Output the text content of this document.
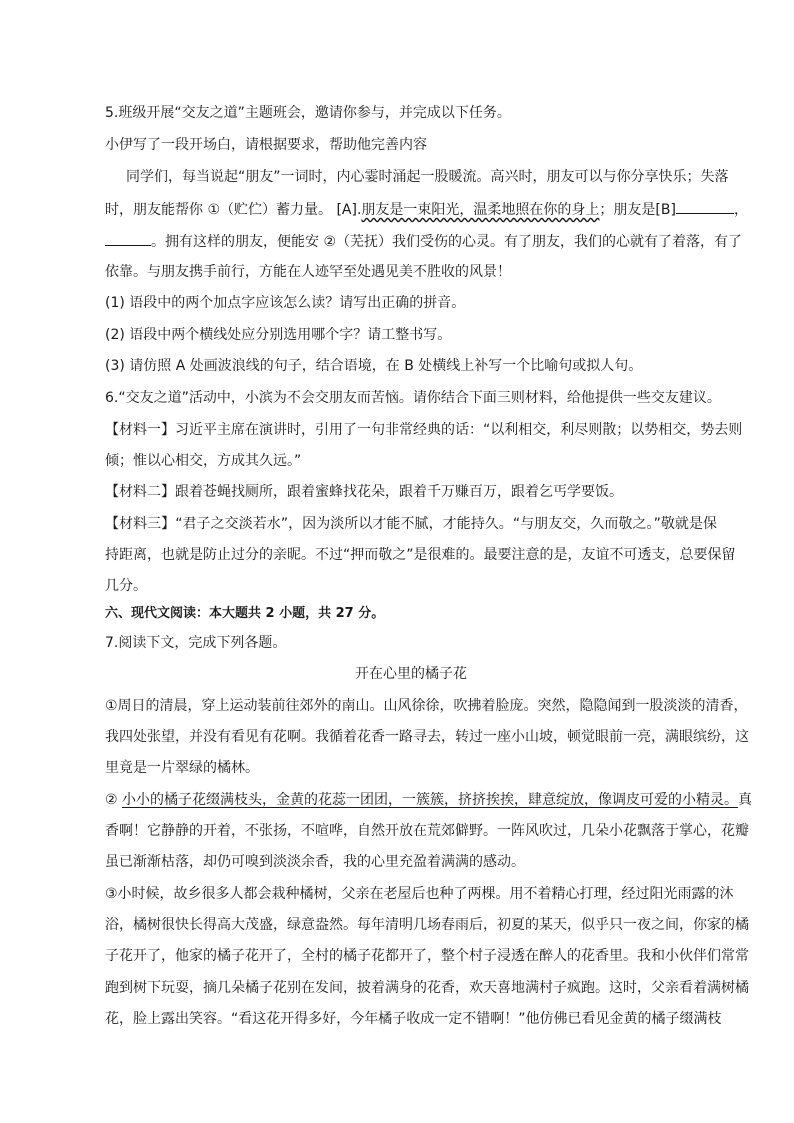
5.班级开展“交友之道”主题班会，邀请你参与，并完成以下任务。
小伊写了一段开场白，请根据要求，帮助他完善内容
同学们，每当说起“朋友”一词时，内心霎时涌起一股暖流。高兴时，朋友可以与你分享快乐；失落
时，朋友能帮你 ①（贮伫）蓄力量。 [A].朋友是一束阳光，温柔地照在你的身上；朋友是[B]	，
。拥有这样的朋友，便能安 ②（芜抚）我们受伤的心灵。有了朋友，我们的心就有了着落，有了
依靠。与朋友携手前行，方能在人迹罕至处遇见美不胜收的风景！
(1) 语段中的两个加点字应该怎么读？请写出正确的拼音。
(2) 语段中两个横线处应分别选用哪个字？请工整书写。
(3) 请仿照 A 处画波浪线的句子，结合语境，在 B 处横线上补写一个比喻句或拟人句。
6.“交友之道”活动中，小滨为不会交朋友而苦恼。请你结合下面三则材料，给他提供一些交友建议。
【材料一】习近平主席在演讲时，引用了一句非常经典的话：“以利相交，利尽则散；以势相交，势去则
倾；惟以心相交，方成其久远。”
【材料二】跟着苍蝇找厕所，跟着蜜蜂找花朵，跟着千万赚百万，跟着乞丐学要饭。
【材料三】“君子之交淡若水”，因为淡所以才能不腻，才能持久。“与朋友交，久而敬之。”敬就是保
持距离，也就是防止过分的亲昵。不过“押而敬之”是很难的。最要注意的是，友谊不可透支，总要保留
几分。
六、现代文阅读：本大题共 2 小题，共 27 分。
7.阅读下文，完成下列各题。
开在心里的橘子花
①周日的清晨，穿上运动装前往郊外的南山。山风徐徐，吹拂着脸庞。突然，隐隐闻到一股淡淡的清香，
我四处张望，并没有看见有花啊。我循着花香一路寻去，转过一座小山坡，顿觉眼前一亮，满眼缤纷，这
里竟是一片翠绿的橘林。
② 小小的橘子花缀满枝头，金黄的花蕊一团团，一簇簇，挤挤挨挨，肆意绽放，像调皮可爱的小精灵。真
香啊！它静静的开着，不张扬，不喧哗，自然开放在荒郊僻野。一阵风吹过，几朵小花飘落于掌心，花瓣
虽已渐渐枯落，却仍可嗅到淡淡余香，我的心里充盈着满满的感动。
③小时候，故乡很多人都会栽种橘树，父亲在老屋后也种了两棵。用不着精心打理，经过阳光雨露的沐
浴，橘树很快长得高大茂盛，绿意盎然。每年清明几场春雨后，初夏的某天，似乎只一夜之间，你家的橘
子花开了，他家的橘子花开了，全村的橘子花都开了，整个村子浸透在醉人的花香里。我和小伙伴们常常
跑到树下玩耍，摘几朵橘子花别在发间，披着满身的花香，欢天喜地满村子疯跑。这时，父亲看着满树橘
花，脸上露出笑容。“看这花开得多好，今年橘子收成一定不错啊！”他仿佛已看见金黄的橘子缀满枝
